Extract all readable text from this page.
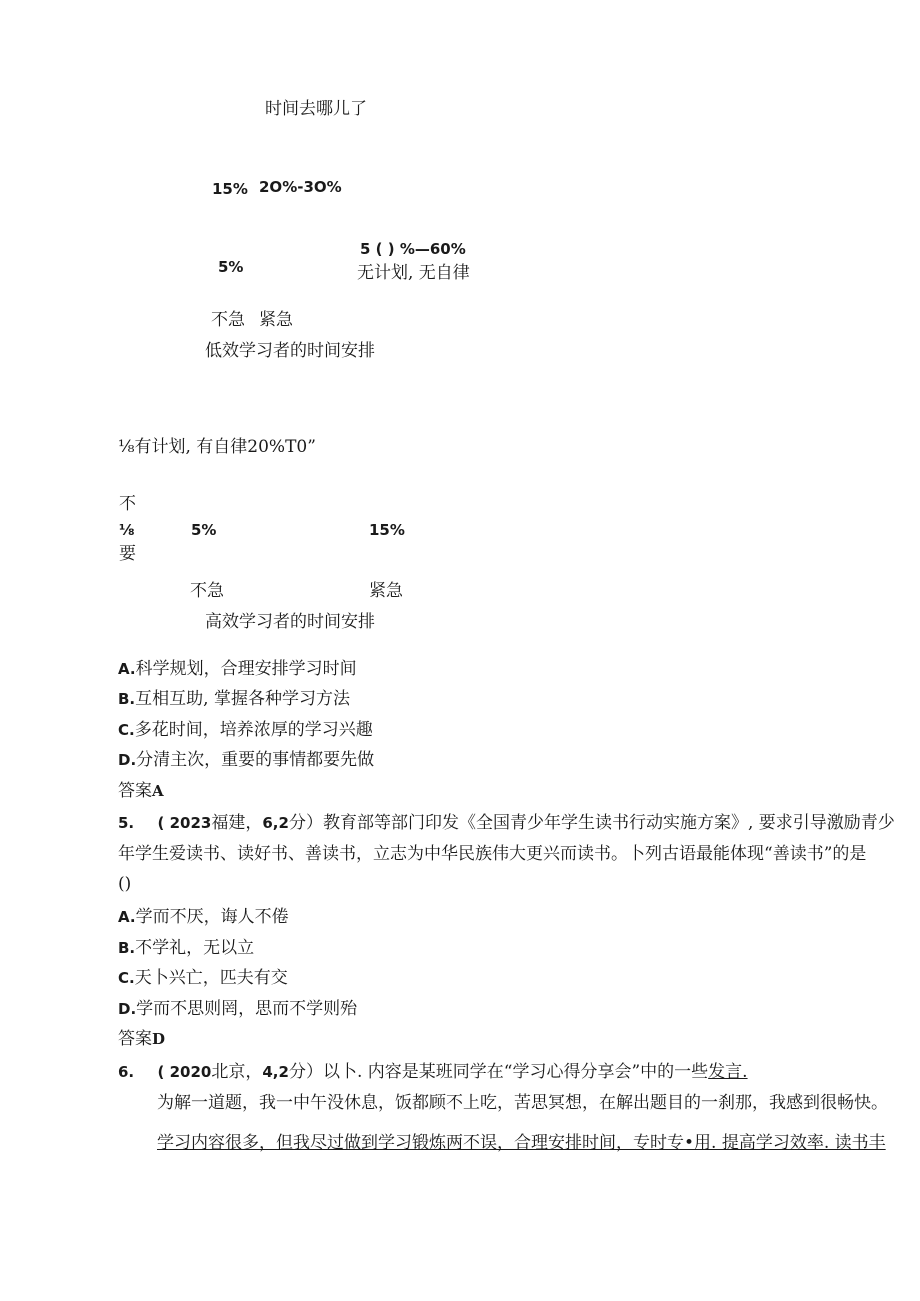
时间去哪儿了
15% 2O%-3O%
5 ( ) %—60%
无计划, 无自律
5%
不急 紧急
低效学习者的时间安排
⅛有计划, 有自律20%T0”
不
⅛
要
5%	15%
不急	紧急
高效学习者的时间安排
A.科学规划，合理安排学习时间
B.互相互助, 掌握各种学习方法
C.多花时间，培养浓厚的学习兴趣
D.分清主次，重要的事情都要先做
答案A
5. ( 2023福建，6,2分）教育部等部门印发《全国青少年学生读书行动实施方案》, 要求引导激励青少
年学生爱读书、读好书、善读书，立志为中华民族伟大更兴而读书。卜列古语最能体现“善读书”的是
()
A.学而不厌，诲人不倦
B.不学礼，无以立
C.天卜兴亡，匹夫有交
D.学而不思则罔，思而不学则殆
答案D
6. ( 2020北京，4,2分）以卜. 内容是某班同学在“学习心得分享会”中的一些发言.
为解一道题，我一中午没休息，饭都顾不上吃，苦思冥想，在解出题目的一刹那，我感到很畅快。
学习内容很多，但我尽过做到学习锻炼两不误，合理安排时间，专时专•用. 提高学习效率. 读书丰
